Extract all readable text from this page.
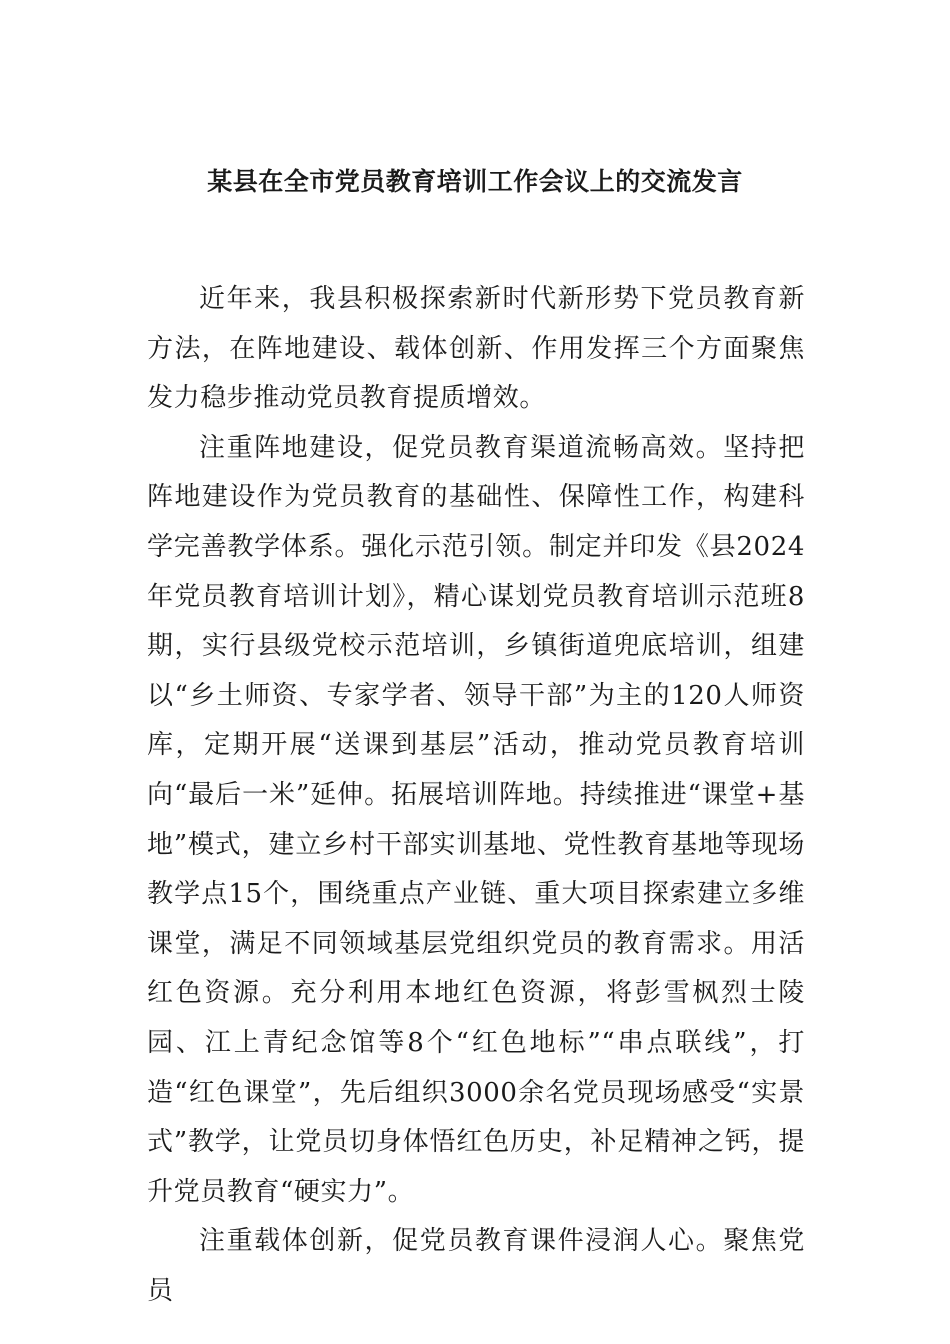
某县在全市党员教育培训工作会议上的交流发言

近年来，我县积极探索新时代新形势下党员教育新方法，在阵地建设、载体创新、作用发挥三个方面聚焦发力稳步推动党员教育提质增效。

注重阵地建设，促党员教育渠道流畅高效。坚持把阵地建设作为党员教育的基础性、保障性工作，构建科学完善教学体系。强化示范引领。制定并印发《县2024年党员教育培训计划》，精心谋划党员教育培训示范班8期，实行县级党校示范培训，乡镇街道兜底培训，组建以“乡土师资、专家学者、领导干部”为主的120人师资库，定期开展“送课到基层”活动，推动党员教育培训向“最后一米”延伸。拓展培训阵地。持续推进“课堂+基地”模式，建立乡村干部实训基地、党性教育基地等现场教学点15个，围绕重点产业链、重大项目探索建立多维课堂，满足不同领域基层党组织党员的教育需求。用活红色资源。充分利用本地红色资源，将彭雪枫烈士陵园、江上青纪念馆等8个“红色地标”“串点联线”，打造“红色课堂”，先后组织3000余名党员现场感受“实景式”教学，让党员切身体悟红色历史，补足精神之钙，提升党员教育“硬实力”。

注重载体创新，促党员教育课件浸润人心。聚焦党员
